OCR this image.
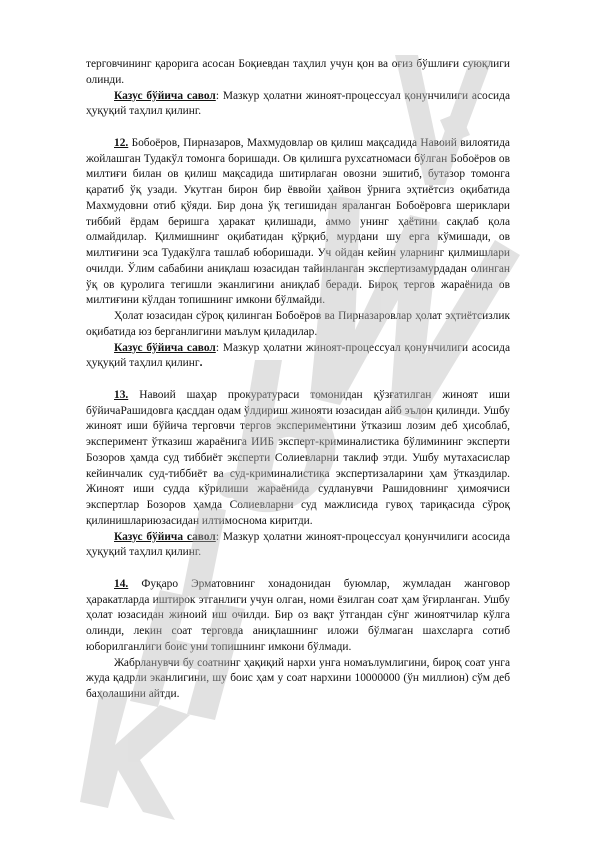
терговчининг қарорига асосан Боқиевдан таҳлил учун қон ва оғиз бўшлиғи суюқлиги олинди.

Казус бўйича савол: Мазкур ҳолатни жиноят-процессуал қонунчилиги асосида ҳуқуқий таҳлил қилинг.

12. Бобоёров, Пирназаров, Махмудовлар ов қилиш мақсадида Навоий вилоятида жойлашган Тудакўл томонга боришади. Ов қилишга рухсатномаси бўлган Бобоёров ов милтиғи билан ов қилиш мақсадида шитирлаган овозни эшитиб, бутазор томонга қаратиб ўқ узади. Укутган бирон бир ёввойи ҳайвон ўрнига эҳтиётсиз оқибатида Махмудовни отиб қўяди. Бир дона ўқ тегишидан яраланган Бобоёровга шериклари тиббий ёрдам беришга ҳаракат қилишади, аммо унинг ҳаётини сақлаб қола олмайдилар. Қилмишнинг оқибатидан қўрқиб, мурдани шу ерга кўмишади, ов милтиғини эса Тудакўлга ташлаб юборишади. Уч ойдан кейин уларнинг қилмишлари очилди. Ўлим сабабини аниқлаш юзасидан тайинланган экспертизамурдадан олинган ўқ ов қуролига тегишли эканлигини аниқлаб беради. Бироқ тергов жараёнида ов милтиғини кўлдан топишнинг имкони бўлмайди.

Ҳолат юзасидан сўроқ қилинган Бобоёров ва Пирназаровлар ҳолат эҳтиётсизлик оқибатида юз берганлигини маълум қиладилар.

Казус бўйича савол: Мазкур ҳолатни жиноят-процессуал қонунчилиги асосида ҳуқуқий таҳлил қилинг.

13. Навоий шаҳар прокуратураси томонидан қўзғатилган жиноят иши бўйичаРашидовга қасддан одам ўлдириш жинояти юзасидан айб эълон қилинди. Ушбу жиноят иши бўйича терговчи тергов экспериментини ўтказиш лозим деб ҳисоблаб, эксперимент ўтказиш жараёнига ИИБ эксперт-криминалистика бўлимининг эксперти Бозоров ҳамда суд тиббиёт эксперти Солиевларни таклиф этди. Ушбу мутахасислар кейинчалик суд-тиббиёт ва суд-криминалистика экспертизаларини ҳам ўтказдилар. Жиноят иши судда кўрилиши жараёнида судланувчи Рашидовнинг ҳимоячиси экспертлар Бозоров ҳамда Солиевларни суд мажлисида гувоҳ тариқасида сўроқ қилинишлариюзасидан илтимоснома киритди.

Казус бўйича савол: Мазкур ҳолатни жиноят-процессуал қонунчилиги асосида ҳуқуқий таҳлил қилинг.

14. Фуқаро Эрматовнинг хонадонидан буюмлар, жумладан жанговор ҳаракатларда иштирок этганлиги учун олган, номи ёзилган соат ҳам ўғирланган. Ушбу ҳолат юзасидан жиноий иш очилди. Бир оз вақт ўтгандан сўнг жиноятчилар кўлга олинди, лекин соат терговда аниқлашнинг иложи бўлмаган шахсларга сотиб юборилганлиги боис уни топишнинг имкони бўлмади.

Жабрланувчи бу соатнинг ҳақиқий нархи унга номаълумлигини, бироқ соат унга жуда қадрли эканлигини, шу боис ҳам у соат нархини 10000000 (ўн миллион) сўм деб баҳолашини айтди.
